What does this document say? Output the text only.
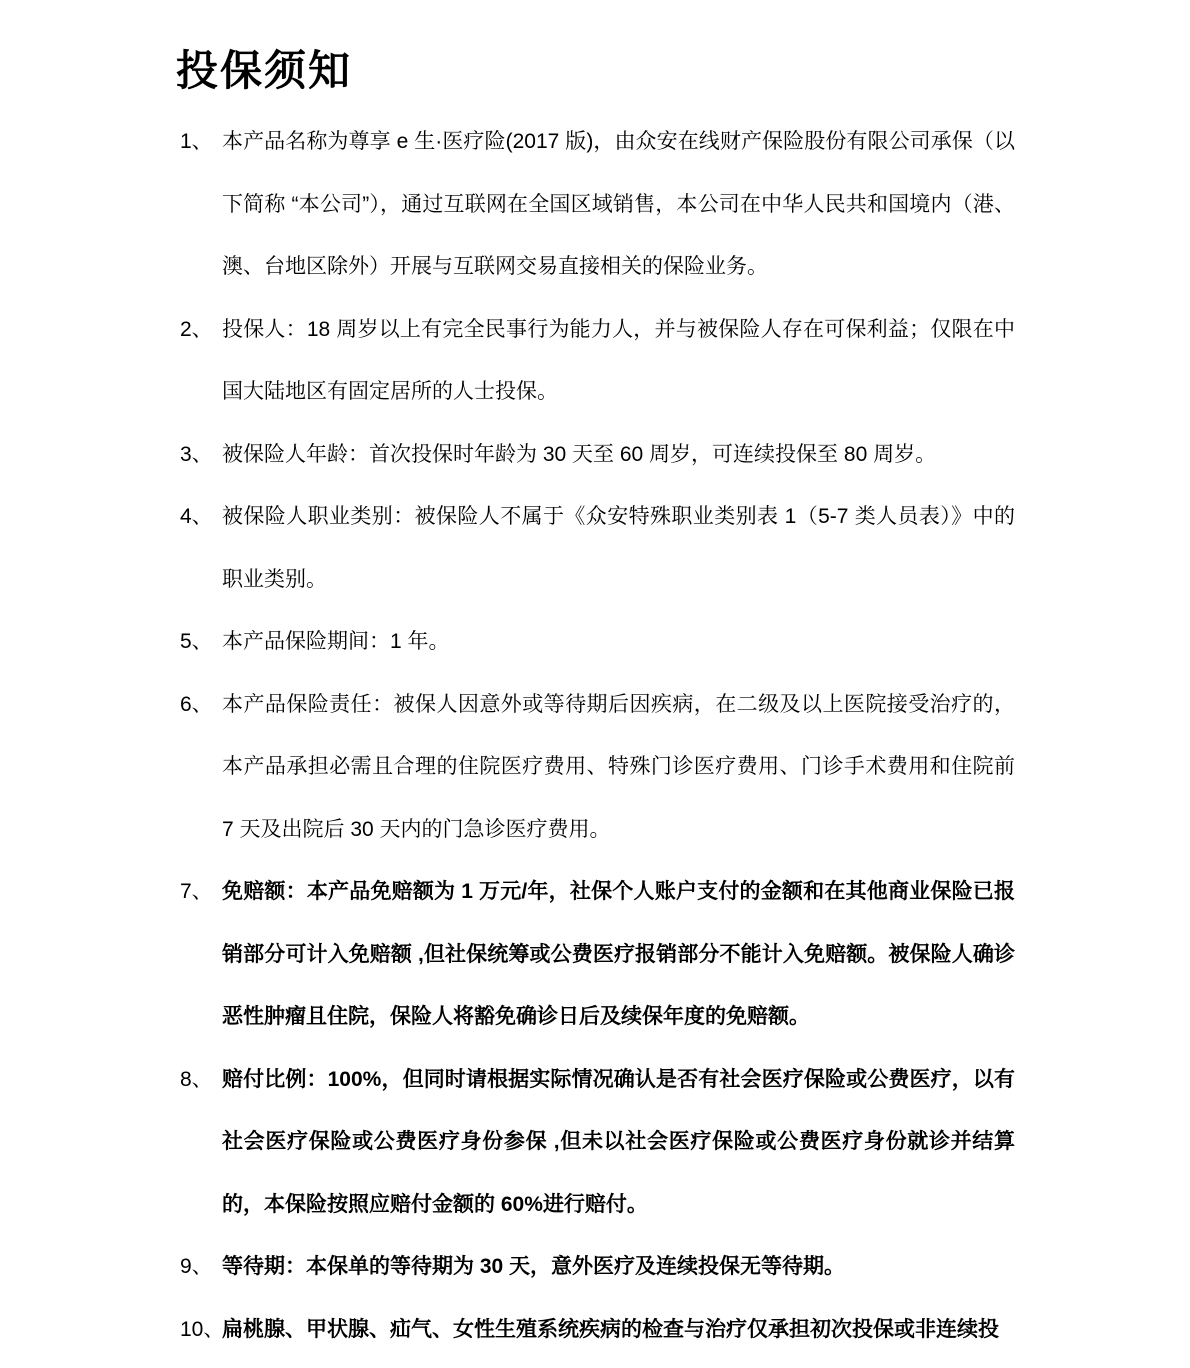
投保须知
1、 本产品名称为尊享 e 生·医疗险(2017 版)，由众安在线财产保险股份有限公司承保（以下简称 “本公司”），通过互联网在全国区域销售，本公司在中华人民共和国境内（港、澳、台地区除外）开展与互联网交易直接相关的保险业务。
2、 投保人：18 周岁以上有完全民事行为能力人，并与被保险人存在可保利益；仅限在中国大陆地区有固定居所的人士投保。
3、 被保险人年龄：首次投保时年龄为 30 天至 60 周岁，可连续投保至 80 周岁。
4、 被保险人职业类别：被保险人不属于《众安特殊职业类别表 1（5-7 类人员表）》中的职业类别。
5、 本产品保险期间：1 年。
6、 本产品保险责任：被保人因意外或等待期后因疾病，在二级及以上医院接受治疗的，本产品承担必需且合理的住院医疗费用、特殊门诊医疗费用、门诊手术费用和住院前 7 天及出院后 30 天内的门急诊医疗费用。
7、 免赔额：本产品免赔额为 1 万元/年，社保个人账户支付的金额和在其他商业保险已报销部分可计入免赔额 ,但社保统筹或公费医疗报销部分不能计入免赔额。被保险人确诊恶性肿瘤且住院，保险人将豁免确诊日后及续保年度的免赔额。
8、 赔付比例：100%，但同时请根据实际情况确认是否有社会医疗保险或公费医疗，以有社会医疗保险或公费医疗身份参保 ,但未以社会医疗保险或公费医疗身份就诊并结算的，本保险按照应赔付金额的 60%进行赔付。
9、 等待期：本保单的等待期为 30 天，意外医疗及连续投保无等待期。
10、
扁桃腺、甲状腺、疝气、女性生殖系统疾病的检查与治疗仅承担初次投保或非连续投
